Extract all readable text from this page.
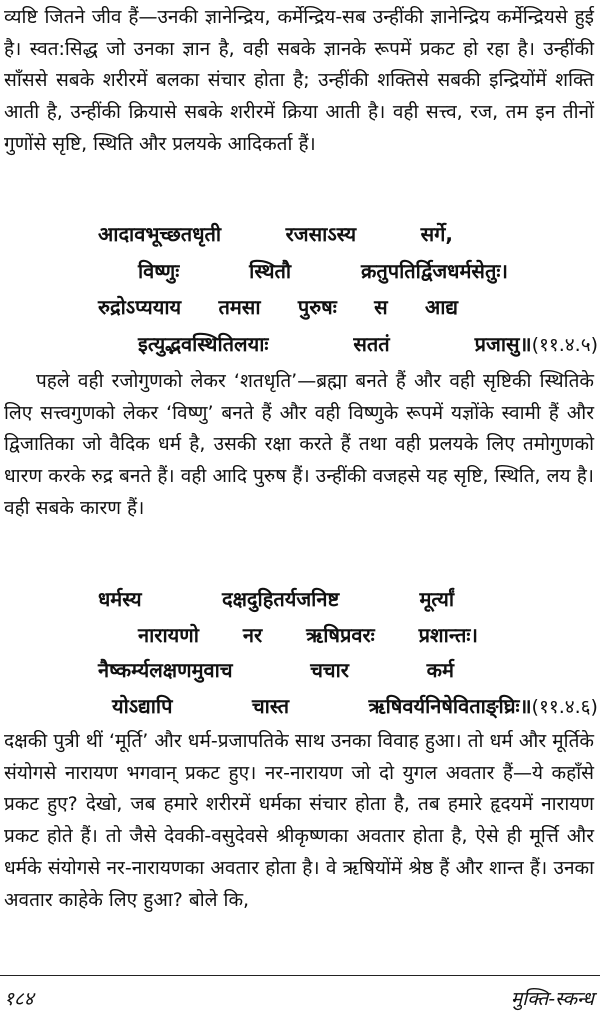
व्यष्टि जितने जीव हैं—उनकी ज्ञानेन्द्रिय, कर्मेन्द्रिय-सब उन्हींकी ज्ञानेन्द्रिय कर्मेन्द्रियसे हुई है। स्वत:सिद्ध जो उनका ज्ञान है, वही सबके ज्ञानके रूपमें प्रकट हो रहा है। उन्हींकी साँससे सबके शरीरमें बलका संचार होता है; उन्हींकी शक्तिसे सबकी इन्द्रियोंमें शक्ति आती है, उन्हींकी क्रियासे सबके शरीरमें क्रिया आती है। वही सत्त्व, रज, तम इन तीनों गुणोंसे सृष्टि, स्थिति और प्रलयके आदिकर्ता हैं।

आदावभूच्छतधृती	रजसाऽस्य	सर्गे,
विष्णुः	स्थितौ	क्रतुपतिर्द्विजधर्मसेतुः।
रुद्रोऽप्ययाय तमसा पुरुषः स आद्य
इत्युद्भवस्थितिलयाः	सततं	प्रजासु॥(११.४.५)

पहले वही रजोगुणको लेकर ‘शतधृति’—ब्रह्मा बनते हैं और वही सृष्टिकी स्थितिके लिए सत्त्वगुणको लेकर ‘विष्णु’ बनते हैं और वही विष्णुके रूपमें यज्ञोंके स्वामी हैं और द्विजातिका जो वैदिक धर्म है, उसकी रक्षा करते हैं तथा वही प्रलयके लिए तमोगुणको धारण करके रुद्र बनते हैं। वही आदि पुरुष हैं। उन्हींकी वजहसे यह सृष्टि, स्थिति, लय है। वही सबके कारण हैं।

धर्मस्य	दक्षदुहितर्यजनिष्ट	मूर्त्यां
नारायणो नर ऋषिप्रवरः प्रशान्तः।
नैष्कर्म्यलक्षणमुवाच	चचार	कर्म
योऽद्यापि	चास्त	ऋषिवर्यनिषेविताङ्घ्रिः॥(११.४.६)

दक्षकी पुत्री थीं ‘मूर्ति’ और धर्म-प्रजापतिके साथ उनका विवाह हुआ। तो धर्म और मूर्तिके संयोगसे नारायण भगवान् प्रकट हुए। नर-नारायण जो दो युगल अवतार हैं—ये कहाँसे प्रकट हुए? देखो, जब हमारे शरीरमें धर्मका संचार होता है, तब हमारे हृदयमें नारायण प्रकट होते हैं। तो जैसे देवकी-वसुदेवसे श्रीकृष्णका अवतार होता है, ऐसे ही मूर्त्ति और धर्मके संयोगसे नर-नारायणका अवतार होता है। वे ऋषियोंमें श्रेष्ठ हैं और शान्त हैं। उनका अवतार काहेके लिए हुआ? बोले कि,

१८४	मुक्ति-स्कन्ध
